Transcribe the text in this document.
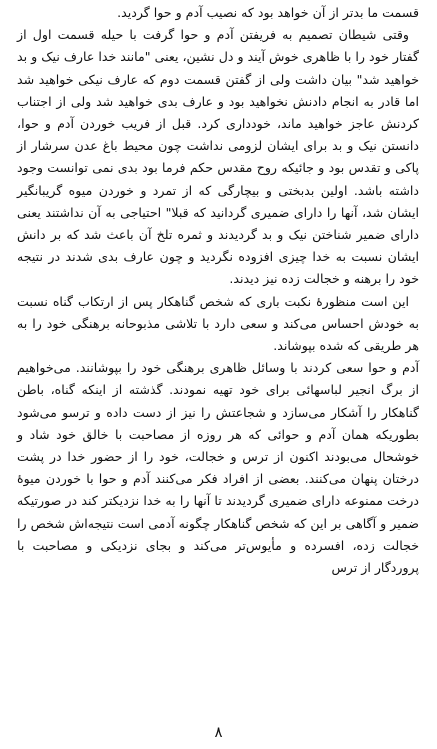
قسمت ما بدتر از آن خواهد بود که نصیب آدم و حوا گردید.

وقتی شیطان تصمیم به فریفتن آدم و حوا گرفت با حیله قسمت اول از گفتار خود را با ظاهری خوش آیند و دل نشین، یعنی "مانند خدا عارف نیک و بد خواهید شد" بیان داشت ولی از گفتن قسمت دوم که عارف نیکی خواهید شد اما قادر به انجام دادنش نخواهید بود و عارف بدی خواهید شد ولی از اجتناب کردنش عاجز خواهید ماند، خودداری کرد. قبل از فریب خوردن آدم و حوا، دانستن نیک و بد برای ایشان لزومی نداشت چون محیط باغ عدن سرشار از پاکی و تقدس بود و جائیکه روح مقدس حکم فرما بود بدی نمی توانست وجود داشته باشد. اولین بدبختی و بیچارگی که از تمرد و خوردن میوه گریبانگیر ایشان شد، آنها را دارای ضمیری گردانید که قبلا" احتیاجی به آن نداشتند یعنی دارای ضمیر شناختن نیک و بد گردیدند و ثمره تلخ آن باعث شد که بر دانش ایشان نسبت به خدا چیزی افزوده نگردید و چون عارف بدی شدند در نتیجه خود را برهنه و خجالت زده نیز دیدند.

این است منظورهٔ نکبت باری که شخص گناهکار پس از ارتکاب گناه نسبت به خودش احساس می‌کند و سعی دارد با تلاشی مذبوحانه برهنگی خود را به هر طریقی که شده بپوشاند.

آدم و حوا سعی کردند با وسائل ظاهری برهنگی خود را بپوشانند. می‌خواهیم از برگ انجیر لباسهائی برای خود تهیه نمودند. گذشته از اینکه گناه، باطن گناهکار را آشکار می‌سازد و شجاعتش را نیز از دست داده و ترسو می‌شود بطوریکه همان آدم و حوائی که هر روزه از مصاحبت با خالق خود شاد و خوشحال می‌بودند اکنون از ترس و خجالت، خود را از حضور خدا در پشت درختان پنهان می‌کنند. بعضی از افراد فکر می‌کنند آدم و حوا با خوردن میوهٔ درخت ممنوعه دارای ضمیری گردیدند تا آنها را به خدا نزدیکتر کند در صورتیکه ضمیر و آگاهی بر این که شخص گناهکار چگونه آدمی است نتیجه‌اش شخص را خجالت زده، افسرده و مأیوس‌تر می‌کند و بجای نزدیکی و مصاحبت با پروردگار از ترس

۸
